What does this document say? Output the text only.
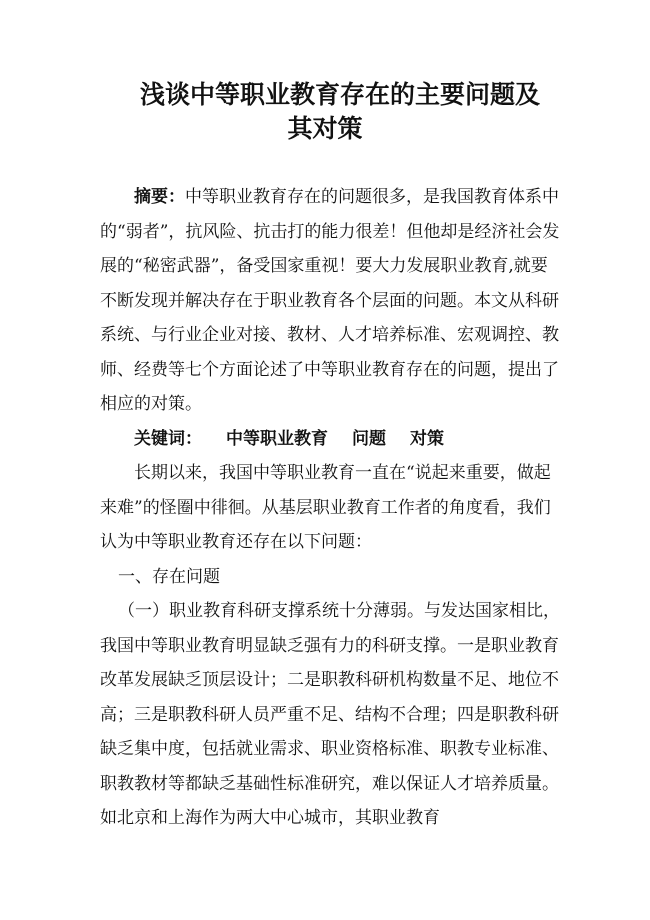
浅谈中等职业教育存在的主要问题及
其对策

摘要：中等职业教育存在的问题很多，是我国教育体系中的“弱者”，抗风险、抗击打的能力很差！但他却是经济社会发展的“秘密武器”，备受国家重视！要大力发展职业教育,就要不断发现并解决存在于职业教育各个层面的问题。本文从科研系统、与行业企业对接、教材、人才培养标准、宏观调控、教师、经费等七个方面论述了中等职业教育存在的问题，提出了相应的对策。

关键词： 中等职业教育 问题 对策

长期以来，我国中等职业教育一直在“说起来重要，做起来难”的怪圈中徘徊。从基层职业教育工作者的角度看，我们认为中等职业教育还存在以下问题：

一、存在问题

（一）职业教育科研支撑系统十分薄弱。与发达国家相比，我国中等职业教育明显缺乏强有力的科研支撑。一是职业教育改革发展缺乏顶层设计；二是职教科研机构数量不足、地位不高；三是职教科研人员严重不足、结构不合理；四是职教科研缺乏集中度，包括就业需求、职业资格标准、职教专业标准、职教教材等都缺乏基础性标准研究，难以保证人才培养质量。如北京和上海作为两大中心城市，其职业教育
